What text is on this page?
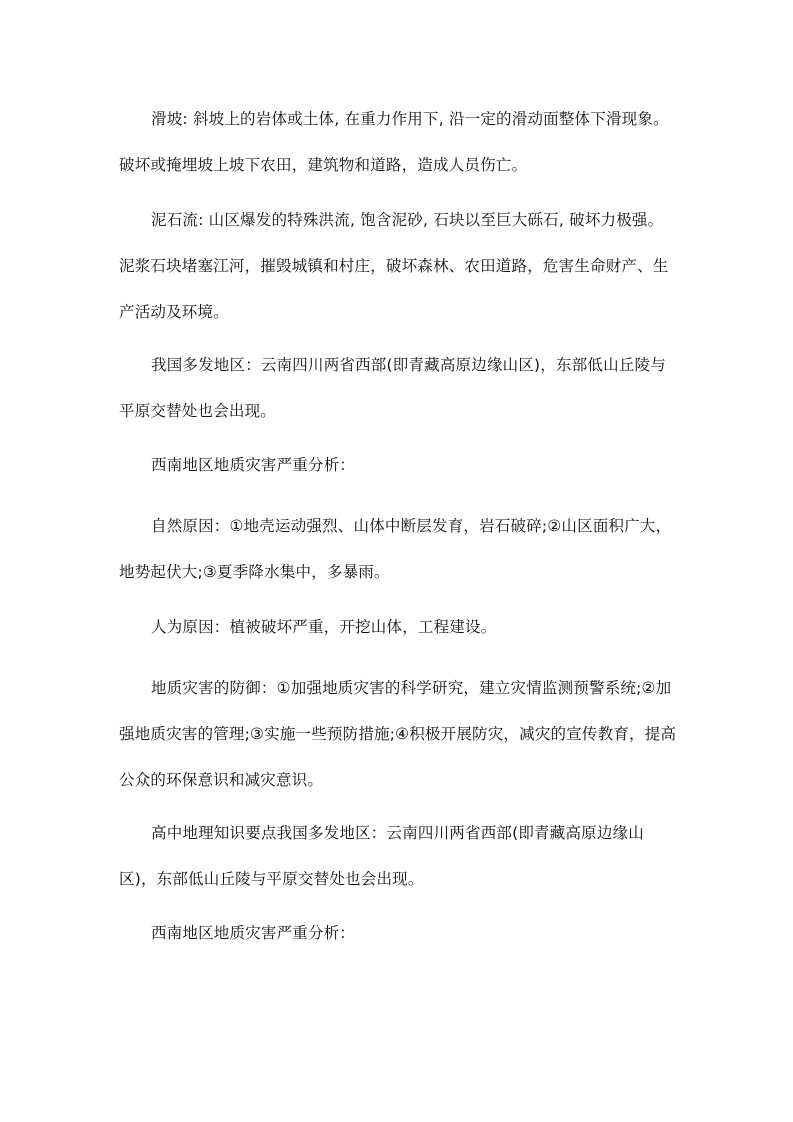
滑坡: 斜坡上的岩体或土体, 在重力作用下, 沿一定的滑动面整体下滑现象。破坏或掩埋坡上坡下农田，建筑物和道路，造成人员伤亡。

泥石流: 山区爆发的特殊洪流, 饱含泥砂, 石块以至巨大砾石, 破坏力极强。泥浆石块堵塞江河，摧毁城镇和村庄，破坏森林、农田道路，危害生命财产、生产活动及环境。

我国多发地区：云南四川两省西部(即青藏高原边缘山区)，东部低山丘陵与平原交替处也会出现。

西南地区地质灾害严重分析：

自然原因：①地壳运动强烈、山体中断层发育，岩石破碎;②山区面积广大，地势起伏大;③夏季降水集中，多暴雨。

人为原因：植被破坏严重，开挖山体，工程建设。

地质灾害的防御：①加强地质灾害的科学研究，建立灾情监测预警系统;②加强地质灾害的管理;③实施一些预防措施;④积极开展防灾，减灾的宣传教育，提高公众的环保意识和减灾意识。

高中地理知识要点我国多发地区：云南四川两省西部(即青藏高原边缘山区)，东部低山丘陵与平原交替处也会出现。

西南地区地质灾害严重分析：
